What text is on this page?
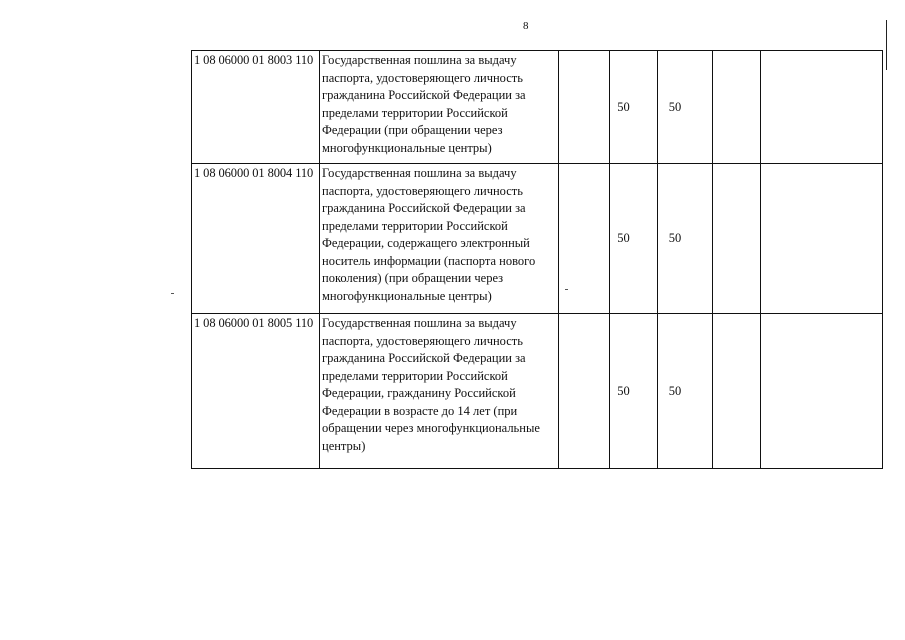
8
1 08 06000 01 8003 110	Государственная пошлина за выдачу паспорта, удостоверяющего личность гражданина Российской Федерации за пределами территории Российской Федерации (при обращении через многофункциональные центры)		50	50		
1 08 06000 01 8004 110	Государственная пошлина за выдачу паспорта, удостоверяющего личность гражданина Российской Федерации за пределами территории Российской Федерации, содержащего электронный носитель информации (паспорта нового поколения) (при обращении через многофункциональные центры)		50	50		
1 08 06000 01 8005 110	Государственная пошлина за выдачу паспорта, удостоверяющего личность гражданина Российской Федерации за пределами территории Российской Федерации, гражданину Российской Федерации в возрасте до 14 лет (при обращении через многофункциональные центры)		50	50		
